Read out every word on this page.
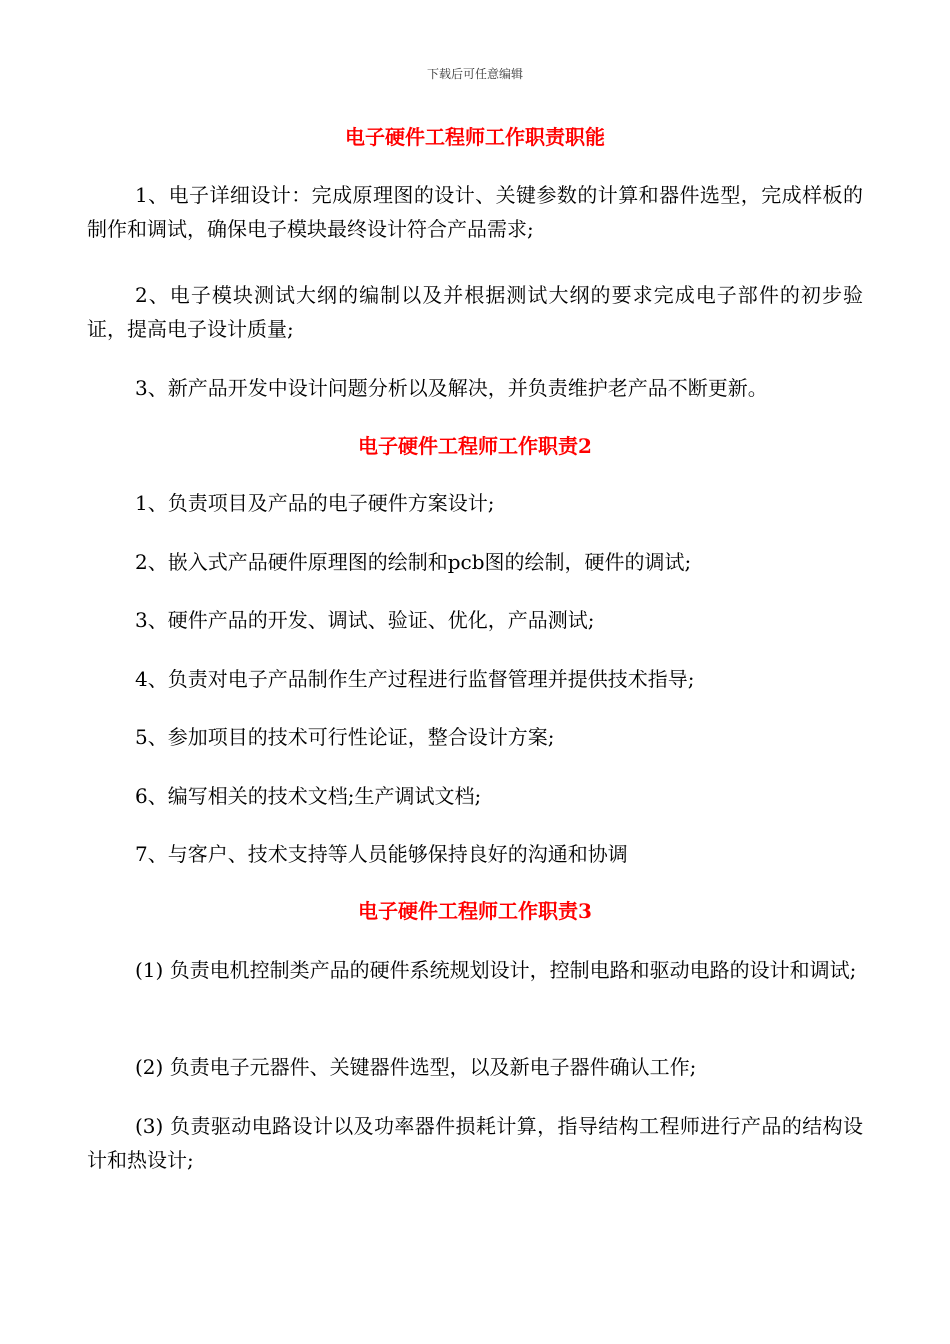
下载后可任意编辑
电子硬件工程师工作职责职能

1、电子详细设计：完成原理图的设计、关键参数的计算和器件选型，完成样板的制作和调试，确保电子模块最终设计符合产品需求;

2、电子模块测试大纲的编制以及并根据测试大纲的要求完成电子部件的初步验证，提高电子设计质量;

3、新产品开发中设计问题分析以及解决，并负责维护老产品不断更新。

电子硬件工程师工作职责2

1、负责项目及产品的电子硬件方案设计;

2、嵌入式产品硬件原理图的绘制和pcb图的绘制，硬件的调试;

3、硬件产品的开发、调试、验证、优化，产品测试;

4、负责对电子产品制作生产过程进行监督管理并提供技术指导;

5、参加项目的技术可行性论证，整合设计方案;

6、编写相关的技术文档;生产调试文档;

7、与客户、技术支持等人员能够保持良好的沟通和协调

电子硬件工程师工作职责3

(1) 负责电机控制类产品的硬件系统规划设计，控制电路和驱动电路的设计和调试;

(2) 负责电子元器件、关键器件选型，以及新电子器件确认工作;

(3) 负责驱动电路设计以及功率器件损耗计算，指导结构工程师进行产品的结构设计和热设计;
